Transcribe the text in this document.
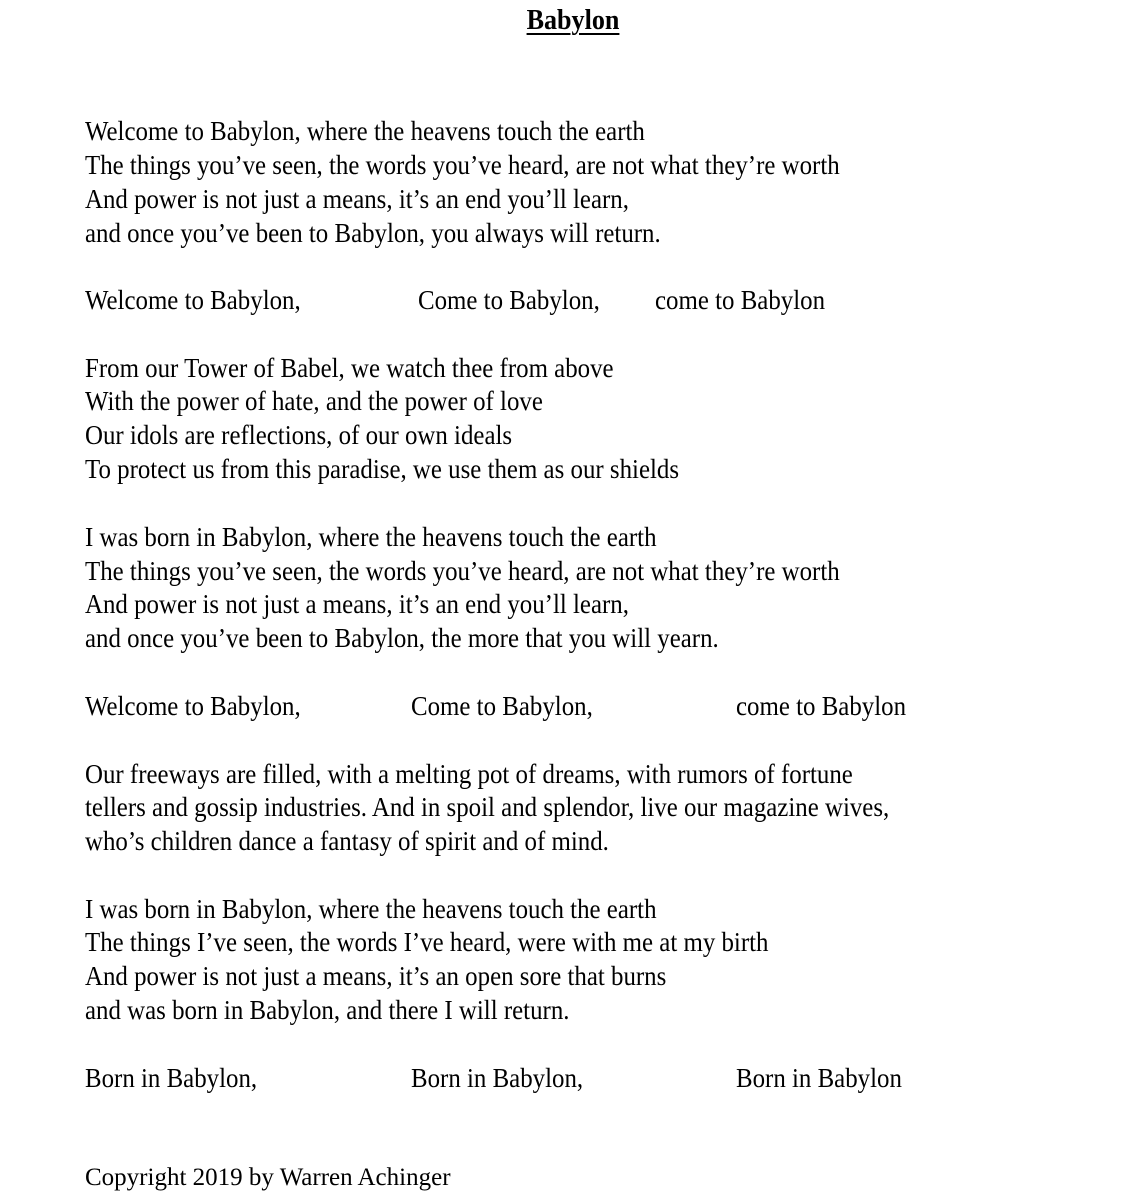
Babylon
Welcome to Babylon, where the heavens touch the earth
The things you’ve seen, the words you’ve heard, are not what they’re worth
And power is not just a means, it’s an end you’ll learn,
and once you’ve been to Babylon, you always will return.
Welcome to Babylon,	Come to Babylon, come to Babylon
From our Tower of Babel, we watch thee from above
With the power of hate, and the power of love
Our idols are reflections, of our own ideals
To protect us from this paradise, we use them as our shields
I was born in Babylon, where the heavens touch the earth
The things you’ve seen, the words you’ve heard, are not what they’re worth
And power is not just a means, it’s an end you’ll learn,
and once you’ve been to Babylon, the more that you will yearn.
Welcome to Babylon,	Come to Babylon,	come to Babylon
Our freeways are filled, with a melting pot of dreams, with rumors of fortune
tellers and gossip industries. And in spoil and splendor, live our magazine wives,
who’s children dance a fantasy of spirit and of mind.
I was born in Babylon, where the heavens touch the earth
The things I’ve seen, the words I’ve heard, were with me at my birth
And power is not just a means, it’s an open sore that burns
and was born in Babylon, and there I will return.
Born in Babylon,	Born in Babylon,	Born in Babylon
Copyright 2019 by Warren Achinger
